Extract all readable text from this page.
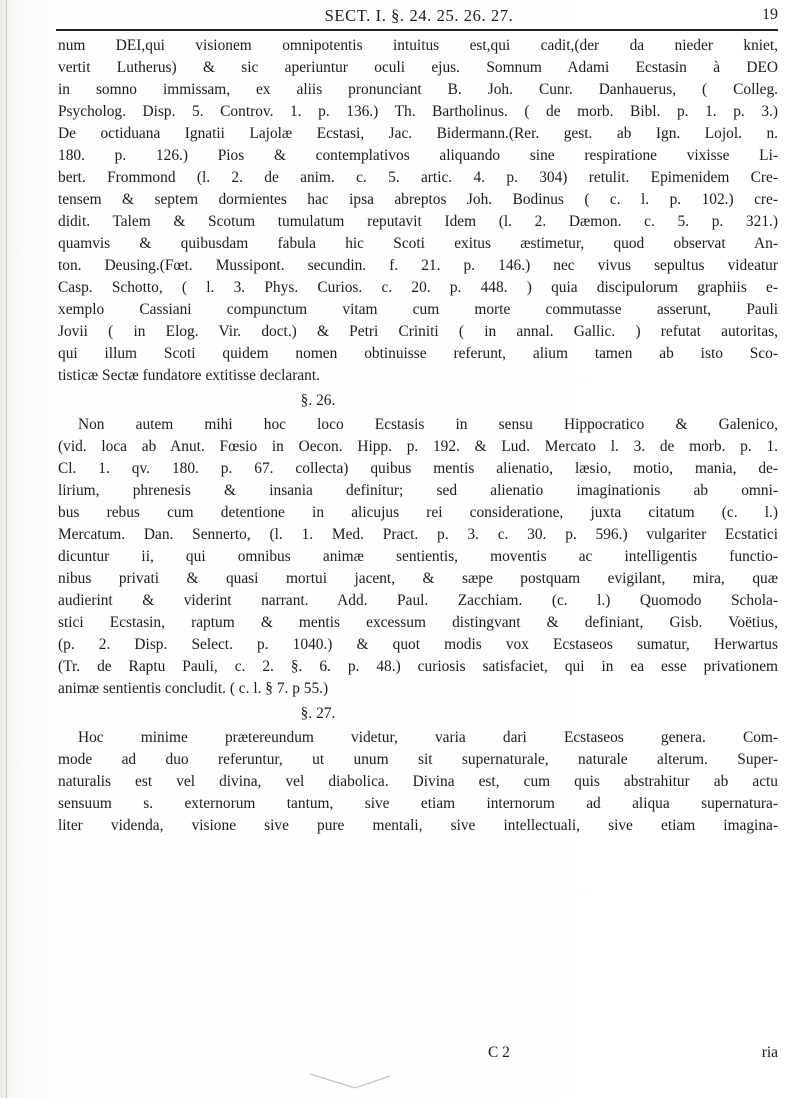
SECT. I. §. 24. 25. 26. 27.	19
num DEI,qui visionem omnipotentis intuitus est,qui cadit,(der da nieder kniet,
vertit Lutherus) & sic aperiuntur oculi ejus. Somnum Adami Ecstasin à DEO
in somno immissam, ex aliis pronunciant B. Joh. Cunr. Danhauerus, ( Colleg.
Psycholog. Disp. 5. Controv. 1. p. 136.) Th. Bartholinus. ( de morb. Bibl. p. 1. p. 3.)
De octiduana Ignatii Lajolæ Ecstasi, Jac. Bidermann.(Rer. gest. ab Ign. Lojol. n.
180. p. 126.) Pios & contemplativos aliquando sine respiratione vixisse Li-
bert. Frommond (l. 2. de anim. c. 5. artic. 4. p. 304) retulit. Epimenidem Cre-
tensem & septem dormientes hac ipsa abreptos Joh. Bodinus ( c. l. p. 102.) cre-
didit. Talem & Scotum tumulatum reputavit Idem (l. 2. Dæmon. c. 5. p. 321.)
quamvis & quibusdam fabula hic Scoti exitus æstimetur, quod observat An-
ton. Deusing.(Fœt. Mussipont. secundin. f. 21. p. 146.) nec vivus sepultus videatur
Casp. Schotto, ( l. 3. Phys. Curios. c. 20. p. 448. ) quia discipulorum graphiis e-
xemplo Cassiani compunctum vitam cum morte commutasse asserunt, Pauli
Jovii ( in Elog. Vir. doct.) & Petri Criniti ( in annal. Gallic. ) refutat autoritas,
qui illum Scoti quidem nomen obtinuisse referunt, alium tamen ab isto Sco-
tisticæ Sectæ fundatore extitisse declarant.
§. 26.
Non autem mihi hoc loco Ecstasis in sensu Hippocratico & Galenico,
(vid. loca ab Anut. Fœsio in Oecon. Hipp. p. 192. & Lud. Mercato l. 3. de morb. p. 1.
Cl. 1. qv. 180. p. 67. collecta) quibus mentis alienatio, læsio, motio, mania, de-
lirium, phrenesis & insania definitur; sed alienatio imaginationis ab omni-
bus rebus cum detentione in alicujus rei consideratione, juxta citatum (c. l.)
Mercatum. Dan. Sennerto, (l. 1. Med. Pract. p. 3. c. 30. p. 596.) vulgariter Ecstatici
dicuntur ii, qui omnibus animæ sentientis, moventis ac intelligentis functio-
nibus privati & quasi mortui jacent, & sæpe postquam evigilant, mira, quæ
audierint & viderint narrant. Add. Paul. Zacchiam. (c. l.) Quomodo Schola-
stici Ecstasin, raptum & mentis excessum distingvant & definiant, Gisb. Voëtius,
(p. 2. Disp. Select. p. 1040.) & quot modis vox Ecstaseos sumatur, Herwartus
(Tr. de Raptu Pauli, c. 2. §. 6. p. 48.) curiosis satisfaciet, qui in ea esse privationem
animæ sentientis concludit. ( c. l. § 7. p 55.)
§. 27.
Hoc minime prætereundum videtur, varia dari Ecstaseos genera. Com-
mode ad duo referuntur, ut unum sit supernaturale, naturale alterum. Super-
naturalis est vel divina, vel diabolica. Divina est, cum quis abstrahitur ab actu
sensuum s. externorum tantum, sive etiam internorum ad aliqua supernatura-
liter videnda, visione sive pure mentali, sive intellectuali, sive etiam imagina-
C 2	ria
